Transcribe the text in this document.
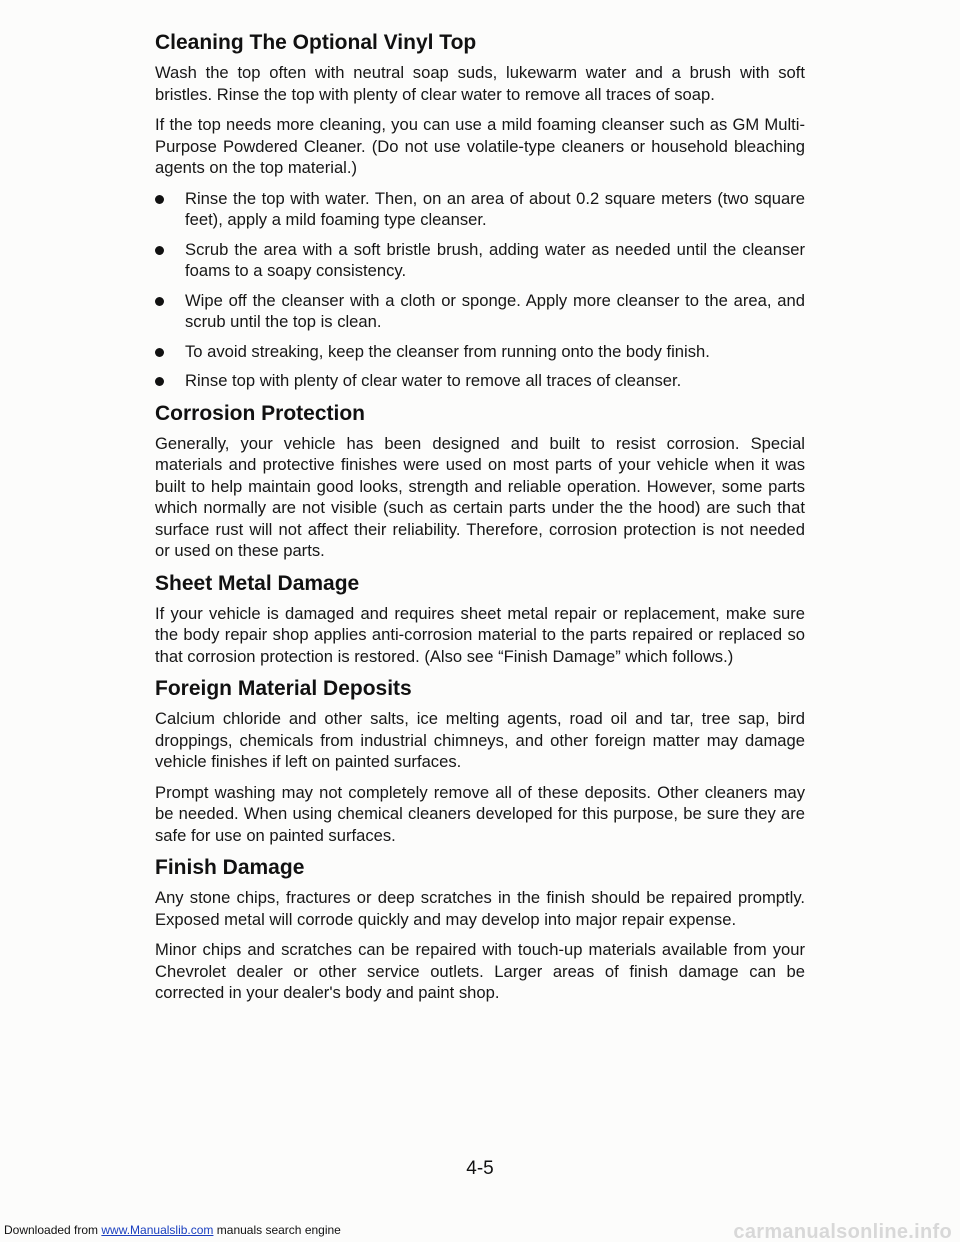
Cleaning The Optional Vinyl Top

Wash the top often with neutral soap suds, lukewarm water and a brush with soft bristles. Rinse the top with plenty of clear water to remove all traces of soap.

If the top needs more cleaning, you can use a mild foaming cleanser such as GM Multi-Purpose Powdered Cleaner. (Do not use volatile-type cleaners or household bleaching agents on the top material.)

Rinse the top with water. Then, on an area of about 0.2 square meters (two square feet), apply a mild foaming type cleanser.
Scrub the area with a soft bristle brush, adding water as needed until the cleanser foams to a soapy consistency.
Wipe off the cleanser with a cloth or sponge. Apply more cleanser to the area, and scrub until the top is clean.
To avoid streaking, keep the cleanser from running onto the body finish.
Rinse top with plenty of clear water to remove all traces of cleanser.
Corrosion Protection

Generally, your vehicle has been designed and built to resist corrosion. Special materials and protective finishes were used on most parts of your vehicle when it was built to help maintain good looks, strength and reliable operation. However, some parts which normally are not visible (such as certain parts under the the hood) are such that surface rust will not affect their reliability. Therefore, corrosion protection is not needed or used on these parts.

Sheet Metal Damage

If your vehicle is damaged and requires sheet metal repair or replacement, make sure the body repair shop applies anti-corrosion material to the parts repaired or replaced so that corrosion protection is restored. (Also see “Finish Damage” which follows.)

Foreign Material Deposits

Calcium chloride and other salts, ice melting agents, road oil and tar, tree sap, bird droppings, chemicals from industrial chimneys, and other foreign matter may damage vehicle finishes if left on painted surfaces.

Prompt washing may not completely remove all of these deposits. Other cleaners may be needed. When using chemical cleaners developed for this purpose, be sure they are safe for use on painted surfaces.

Finish Damage

Any stone chips, fractures or deep scratches in the finish should be repaired promptly. Exposed metal will corrode quickly and may develop into major repair expense.

Minor chips and scratches can be repaired with touch-up materials available from your Chevrolet dealer or other service outlets. Larger areas of finish damage can be corrected in your dealer's body and paint shop.

4-5
Downloaded from www.Manualslib.com manuals search engine	carmanualsonline.info
